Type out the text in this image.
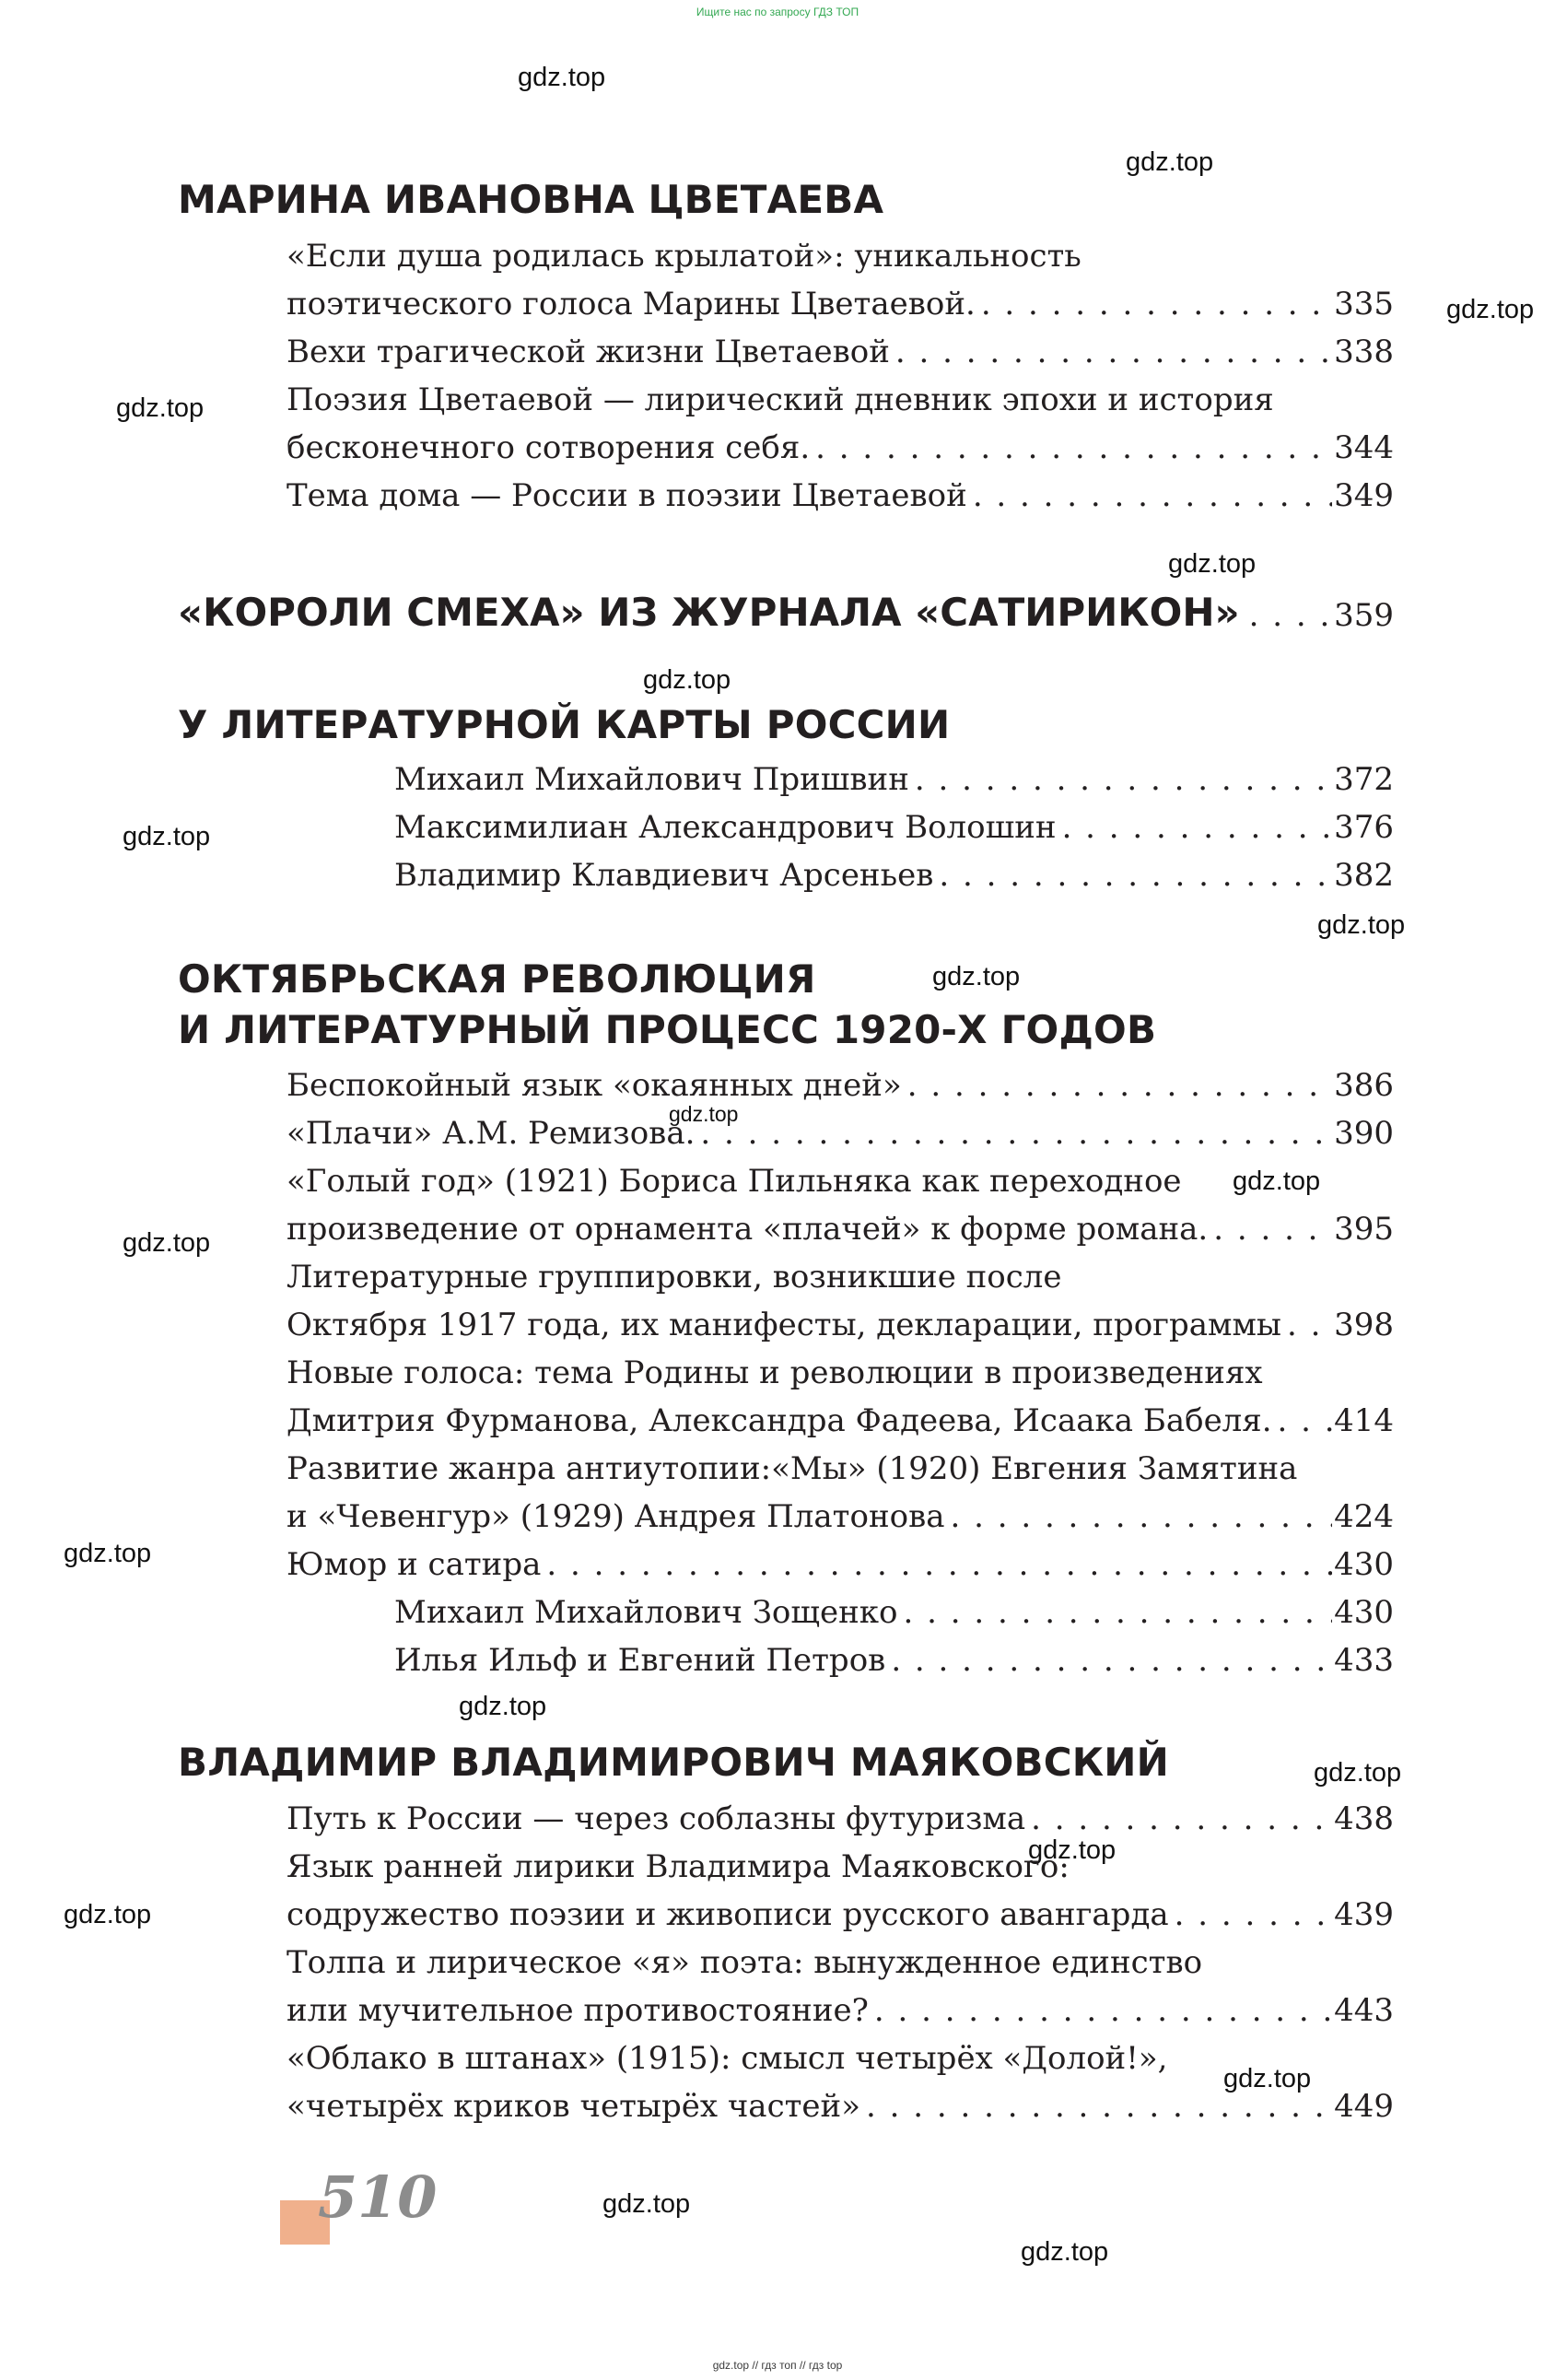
Ищите нас по запросу ГДЗ ТОП
gdz.top
gdz.top
gdz.top
gdz.top
gdz.top
gdz.top
gdz.top
gdz.top
gdz.top
gdz.top
gdz.top
gdz.top
gdz.top
gdz.top
gdz.top
gdz.top
gdz.top
gdz.top
gdz.top
gdz.top
МАРИНА ИВАНОВНА ЦВЕТАЕВА
«Если душа родилась крылатой»: уникальность
поэтического голоса Марины Цветаевой. . . .	335
Вехи трагической жизни Цветаевой . . .	338
Поэзия Цветаевой — лирический дневник эпохи и история
бесконечного сотворения себя. . . .	344
Тема дома — России в поэзии Цветаевой . . .	349
«КОРОЛИ СМЕХА» ИЗ ЖУРНАЛА «САТИРИКОН» . . .	359
У ЛИТЕРАТУРНОЙ КАРТЫ РОССИИ
Михаил Михайлович Пришвин . . .	372
Максимилиан Александрович Волошин . . .	376
Владимир Клавдиевич Арсеньев . . .	382
ОКТЯБРЬСКАЯ РЕВОЛЮЦИЯ
И ЛИТЕРАТУРНЫЙ ПРОЦЕСС 1920-Х ГОДОВ
Беспокойный язык «окаянных дней» . . .	386
«Плачи» А.М. Ремизова. . . .	390
«Голый год» (1921) Бориса Пильняка как переходное
произведение от орнамента «плачей» к форме романа. . . .	395
Литературные группировки, возникшие после
Октября 1917 года, их манифесты, декларации, программы . . . 398
Новые голоса: тема Родины и революции в произведениях
Дмитрия Фурманова, Александра Фадеева, Исаака Бабеля. . . . 414
Развитие жанра антиутопии:«Мы» (1920) Евгения Замятина
и «Чевенгур» (1929) Андрея Платонова . . .	424
Юмор и сатира . . .	430
Михаил Михайлович Зощенко . . .	430
Илья Ильф и Евгений Петров . . .	433
ВЛАДИМИР ВЛАДИМИРОВИЧ МАЯКОВСКИЙ
Путь к России — через соблазны футуризма . . .	438
Язык ранней лирики Владимира Маяковского:
содружество поэзии и живописи русского авангарда . . .	439
Толпа и лирическое «я» поэта: вынужденное единство
или мучительное противостояние? . . .	443
«Облако в штанах» (1915): смысл четырёх «Долой!»,
«четырёх криков четырёх частей» . . .	449
510
gdz.top // гдз топ // гдз top
